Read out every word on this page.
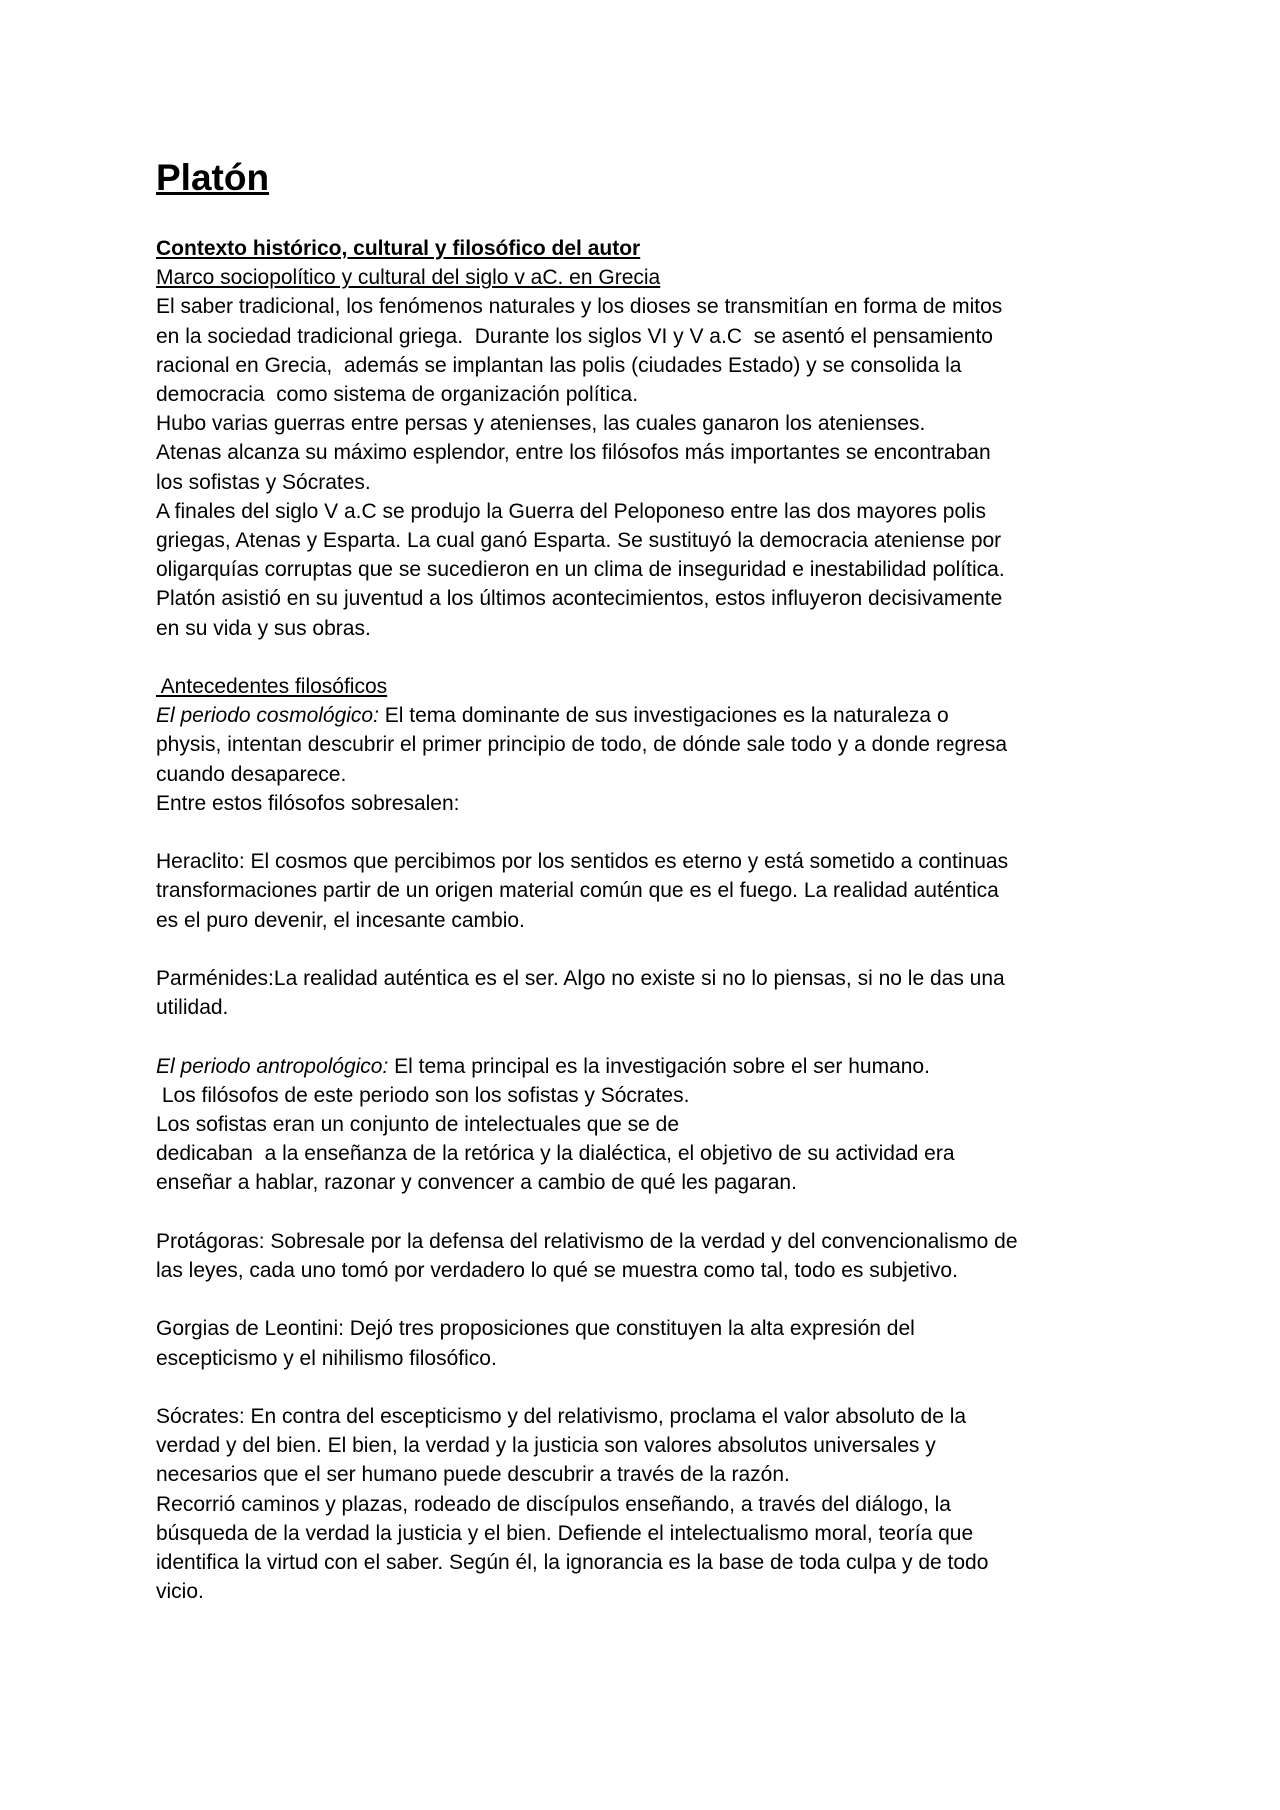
Platón
Contexto histórico, cultural y filosófico del autor
Marco sociopolítico y cultural del siglo v aC. en Grecia
El saber tradicional, los fenómenos naturales y los dioses se transmitían en forma de mitos
en la sociedad tradicional griega.  Durante los siglos VI y V a.C  se asentó el pensamiento
racional en Grecia,  además se implantan las polis (ciudades Estado) y se consolida la
democracia  como sistema de organización política.
Hubo varias guerras entre persas y atenienses, las cuales ganaron los atenienses.
Atenas alcanza su máximo esplendor, entre los filósofos más importantes se encontraban
los sofistas y Sócrates.
A finales del siglo V a.C se produjo la Guerra del Peloponeso entre las dos mayores polis
griegas, Atenas y Esparta. La cual ganó Esparta. Se sustituyó la democracia ateniense por
oligarquías corruptas que se sucedieron en un clima de inseguridad e inestabilidad política.
Platón asistió en su juventud a los últimos acontecimientos, estos influyeron decisivamente
en su vida y sus obras.
Antecedentes filosóficos
El periodo cosmológico: El tema dominante de sus investigaciones es la naturaleza o
physis, intentan descubrir el primer principio de todo, de dónde sale todo y a donde regresa
cuando desaparece.
Entre estos filósofos sobresalen:
Heraclito: El cosmos que percibimos por los sentidos es eterno y está sometido a continuas
transformaciones partir de un origen material común que es el fuego. La realidad auténtica
es el puro devenir, el incesante cambio.
Parménides:La realidad auténtica es el ser. Algo no existe si no lo piensas, si no le das una
utilidad.
El periodo antropológico: El tema principal es la investigación sobre el ser humano.
Los filósofos de este periodo son los sofistas y Sócrates.
Los sofistas eran un conjunto de intelectuales que se de
dedicaban  a la enseñanza de la retórica y la dialéctica, el objetivo de su actividad era
enseñar a hablar, razonar y convencer a cambio de qué les pagaran.
Protágoras: Sobresale por la defensa del relativismo de la verdad y del convencionalismo de
las leyes, cada uno tomó por verdadero lo qué se muestra como tal, todo es subjetivo.
Gorgias de Leontini: Dejó tres proposiciones que constituyen la alta expresión del
escepticismo y el nihilismo filosófico.
Sócrates: En contra del escepticismo y del relativismo, proclama el valor absoluto de la
verdad y del bien. El bien, la verdad y la justicia son valores absolutos universales y
necesarios que el ser humano puede descubrir a través de la razón.
Recorrió caminos y plazas, rodeado de discípulos enseñando, a través del diálogo, la
búsqueda de la verdad la justicia y el bien. Defiende el intelectualismo moral, teoría que
identifica la virtud con el saber. Según él, la ignorancia es la base de toda culpa y de todo
vicio.
